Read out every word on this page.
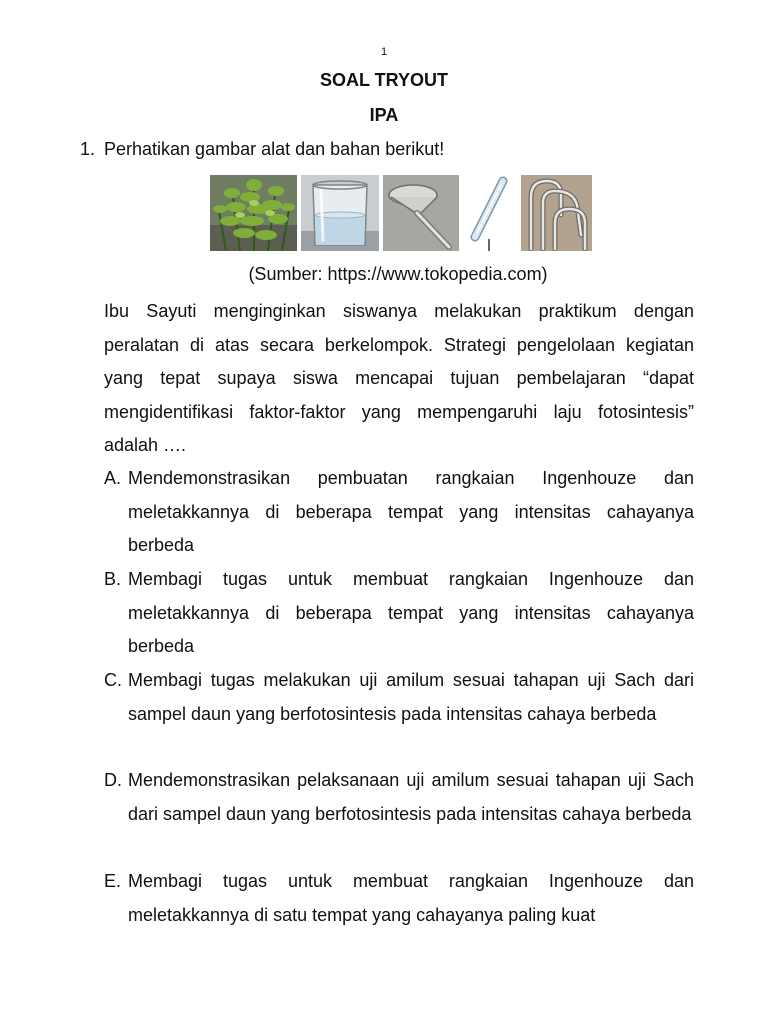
1
SOAL TRYOUT
IPA
1. Perhatikan gambar alat dan bahan berikut!
(Sumber: https://www.tokopedia.com)
Ibu Sayuti menginginkan siswanya melakukan praktikum dengan peralatan di atas secara berkelompok. Strategi pengelolaan kegiatan yang tepat supaya siswa mencapai tujuan pembelajaran “dapat mengidentifikasi faktor-faktor yang mempengaruhi laju fotosintesis” adalah ….
A. Mendemonstrasikan pembuatan rangkaian Ingenhouze dan meletakkannya di beberapa tempat yang intensitas cahayanya berbeda
B. Membagi tugas untuk membuat rangkaian Ingenhouze dan meletakkannya di beberapa tempat yang intensitas cahayanya berbeda
C. Membagi tugas melakukan uji amilum sesuai tahapan uji Sach dari sampel daun yang berfotosintesis pada intensitas cahaya berbeda
D. Mendemonstrasikan pelaksanaan uji amilum sesuai tahapan uji Sach dari sampel daun yang berfotosintesis pada intensitas cahaya berbeda
E. Membagi tugas untuk membuat rangkaian Ingenhouze dan meletakkannya di satu tempat yang cahayanya paling kuat
